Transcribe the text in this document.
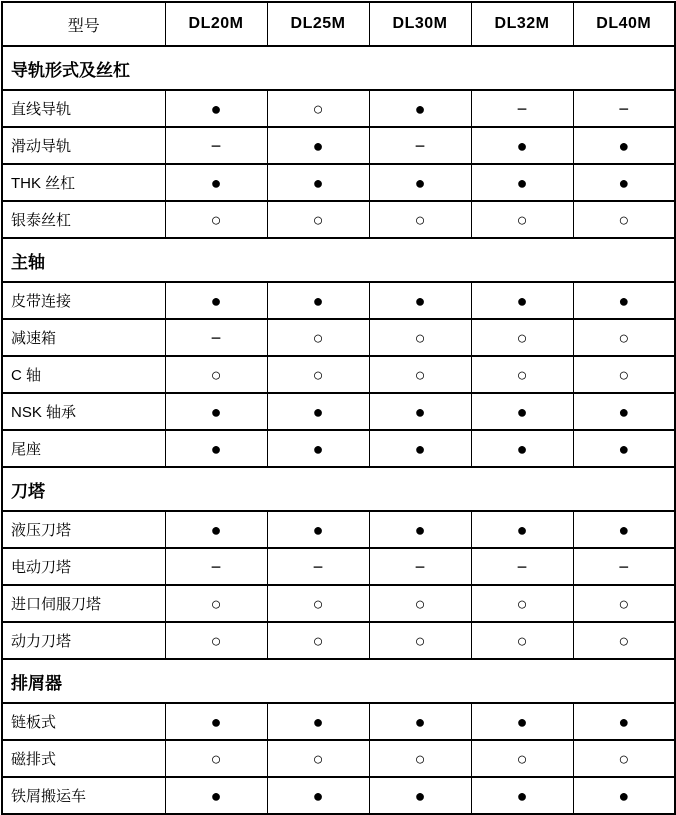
型号	DL20M	DL25M	DL30M	DL32M	DL40M
导轨形式及丝杠					
直线导轨	●	○	●	−	−
滑动导轨	−	●	−	●	●
THK 丝杠	●	●	●	●	●
银泰丝杠	○	○	○	○	○
主轴					
皮带连接	●	●	●	●	●
减速箱	−	○	○	○	○
C 轴	○	○	○	○	○
NSK 轴承	●	●	●	●	●
尾座	●	●	●	●	●
刀塔					
液压刀塔	●	●	●	●	●
电动刀塔	−	−	−	−	−
进口伺服刀塔	○	○	○	○	○
动力刀塔	○	○	○	○	○
排屑器					
链板式	●	●	●	●	●
磁排式	○	○	○	○	○
铁屑搬运车	●	●	●	●	●
